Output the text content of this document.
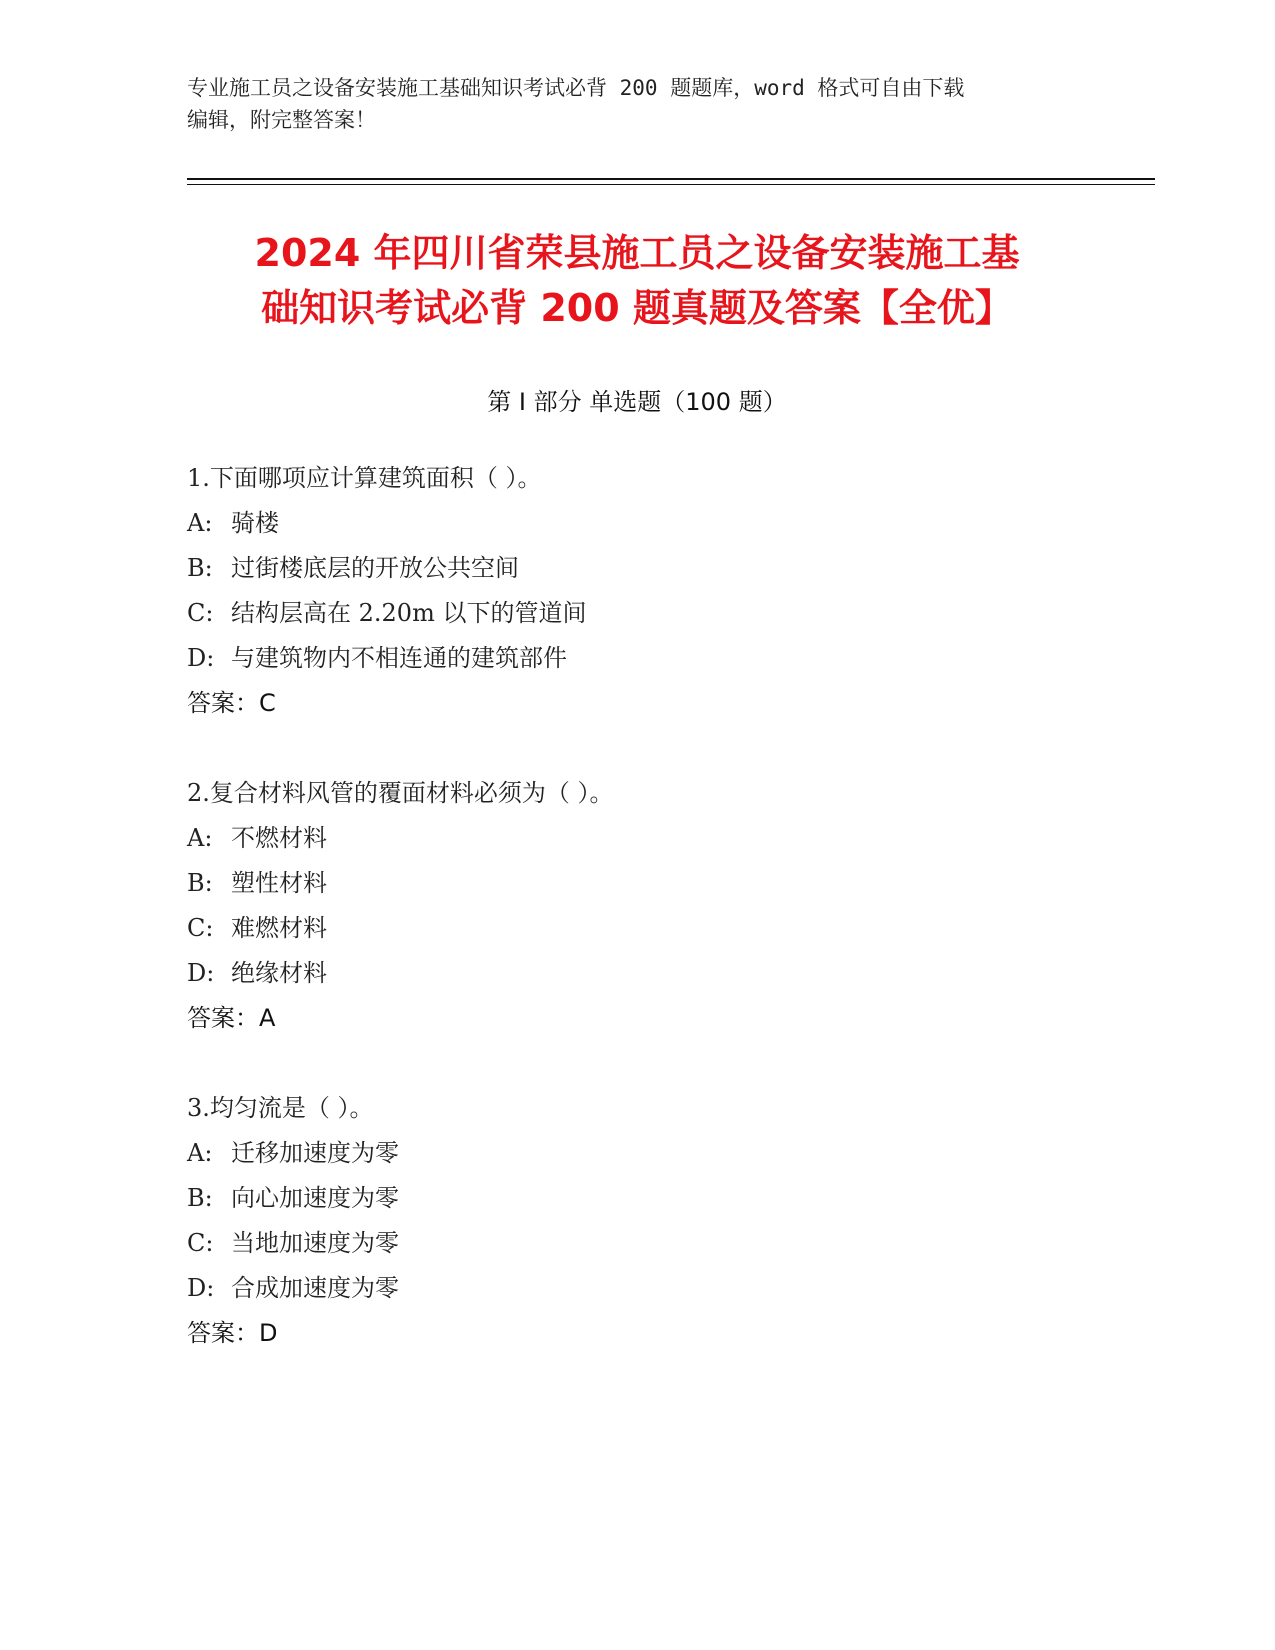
专业施工员之设备安装施工基础知识考试必背 200 题题库，word 格式可自由下载
编辑，附完整答案！
2024 年四川省荣县施工员之设备安装施工基
础知识考试必背 200 题真题及答案【全优】
第 I 部分 单选题（100 题）
1.下面哪项应计算建筑面积（ ）。
A: 骑楼
B: 过街楼底层的开放公共空间
C: 结构层高在 2.20m 以下的管道间
D: 与建筑物内不相连通的建筑部件
答案：C
2.复合材料风管的覆面材料必须为（ ）。
A: 不燃材料
B: 塑性材料
C: 难燃材料
D: 绝缘材料
答案：A
3.均匀流是（ ）。
A: 迁移加速度为零
B: 向心加速度为零
C: 当地加速度为零
D: 合成加速度为零
答案：D
